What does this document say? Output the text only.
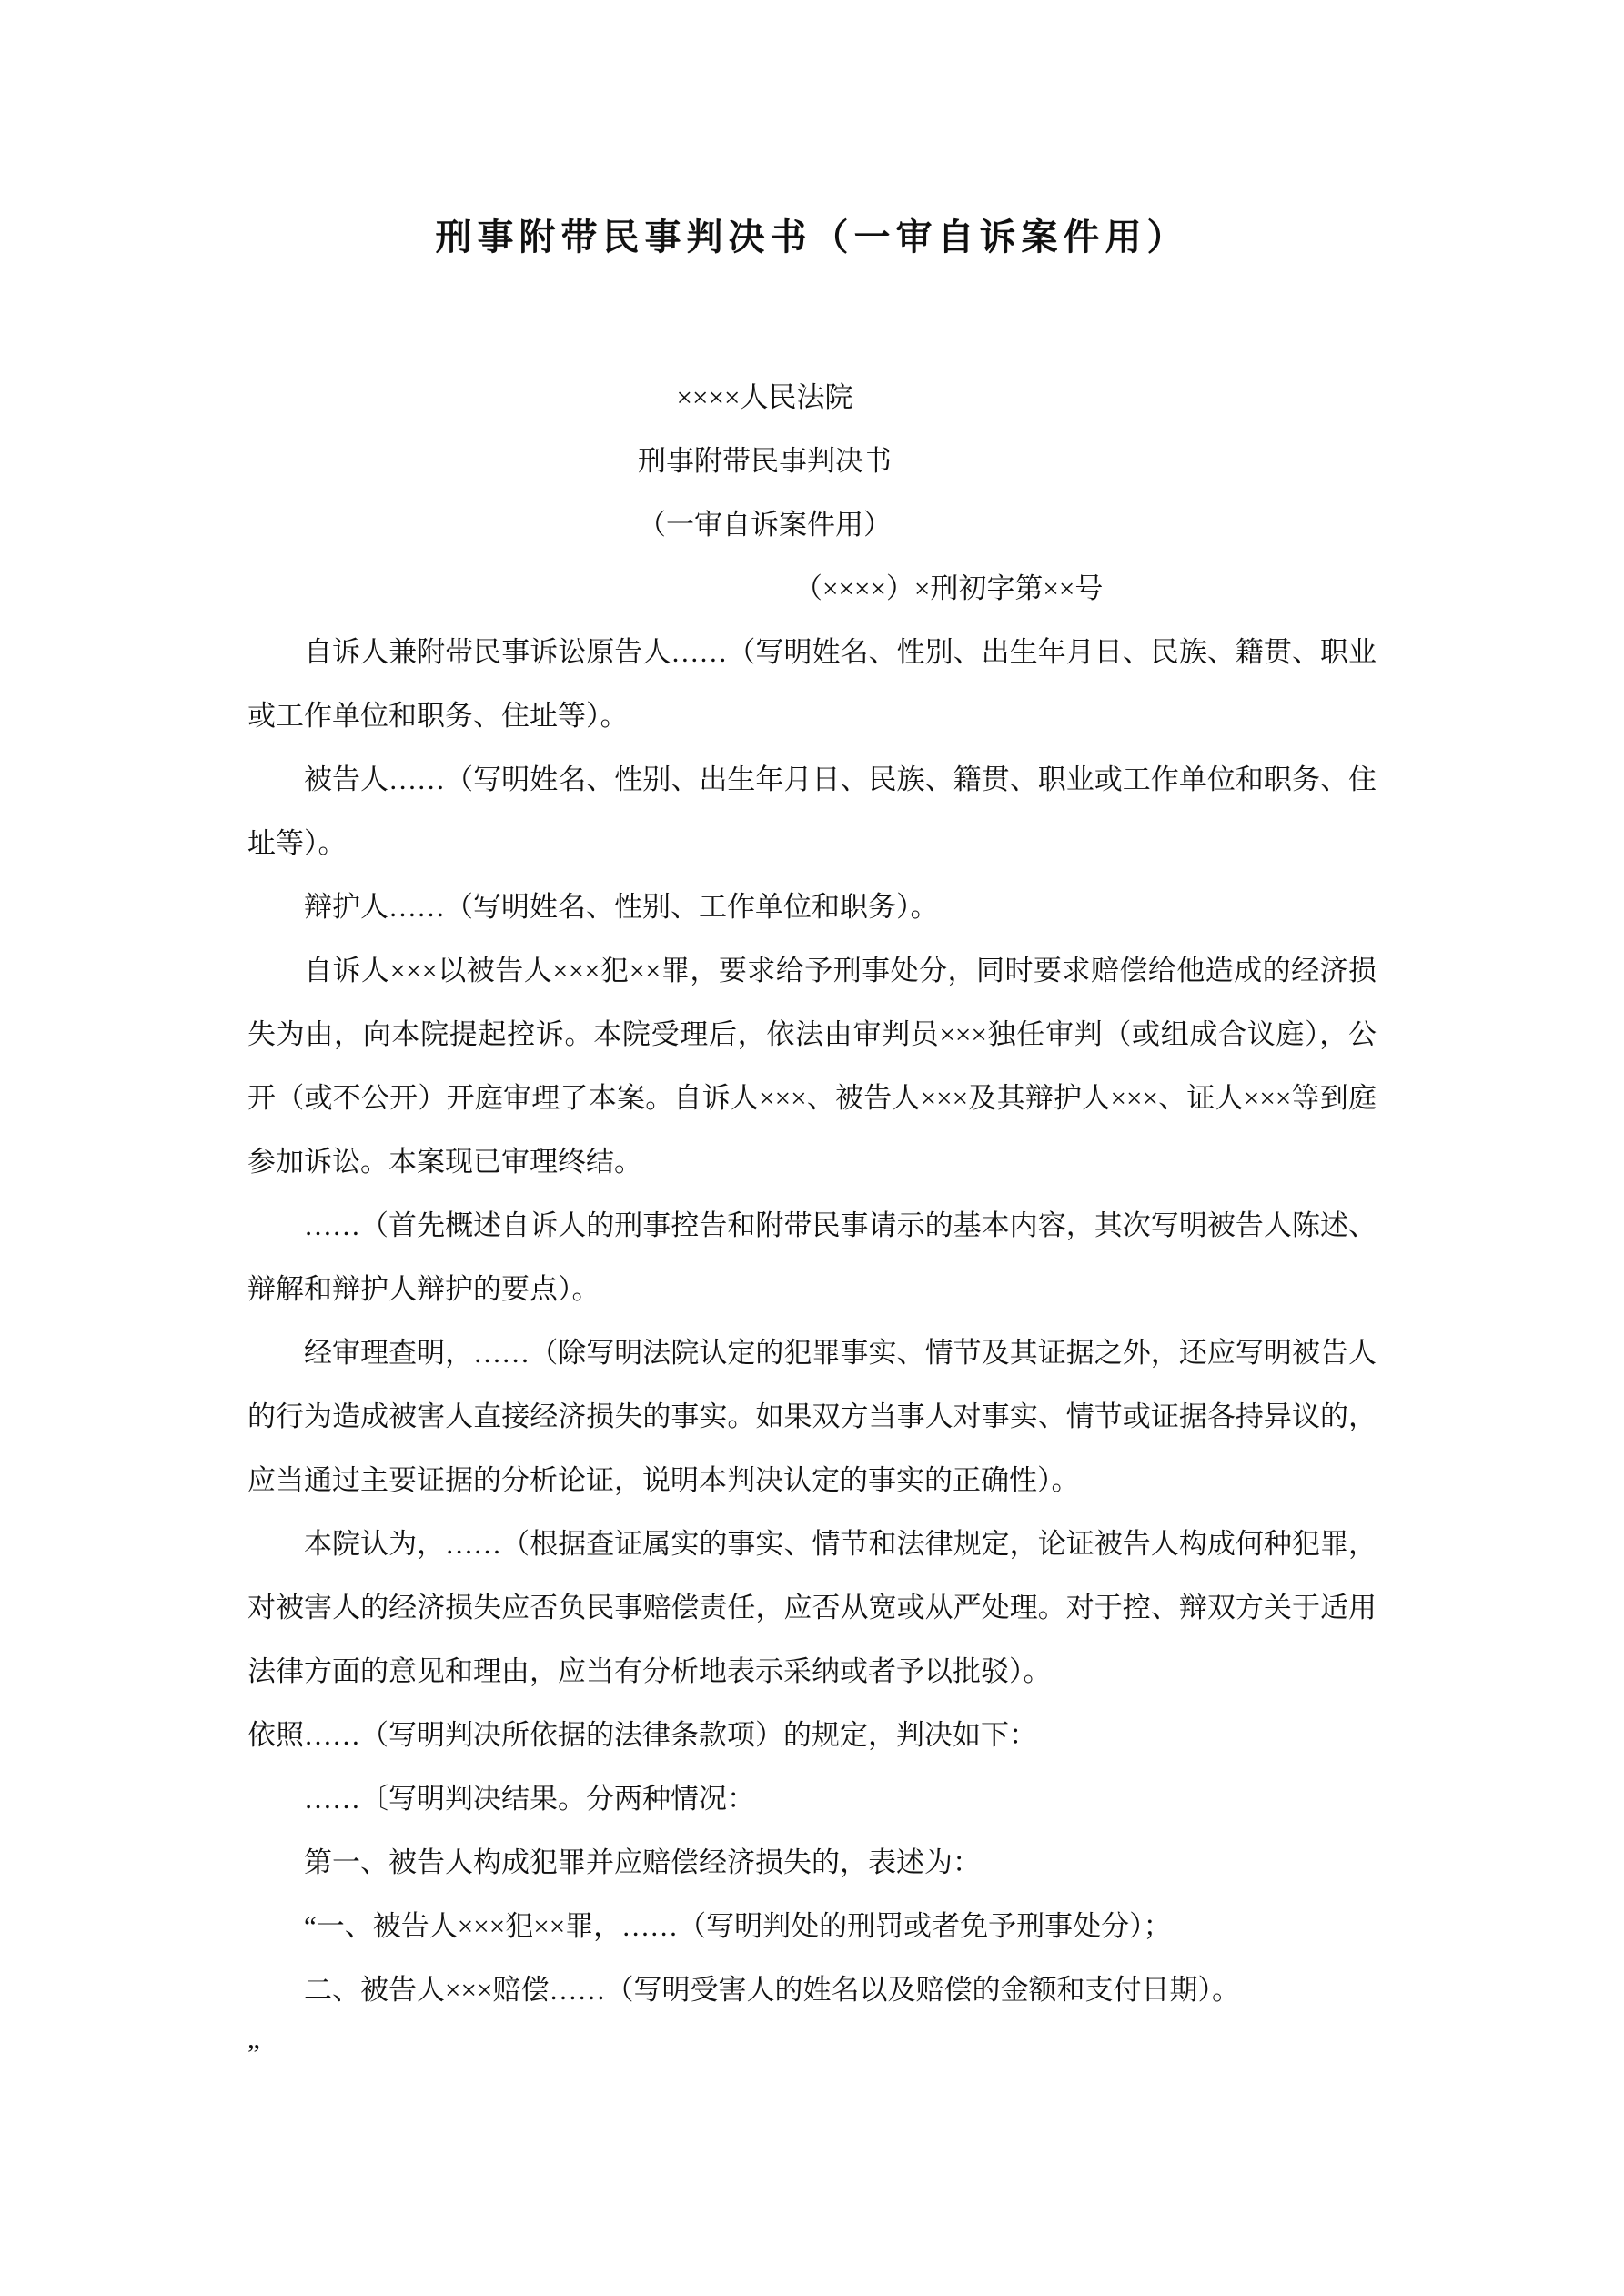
刑事附带民事判决书（一审自诉案件用）

××××人民法院

刑事附带民事判决书

（一审自诉案件用）

（××××）×刑初字第××号

自诉人兼附带民事诉讼原告人……（写明姓名、性别、出生年月日、民族、籍贯、职业或工作单位和职务、住址等）。

被告人……（写明姓名、性别、出生年月日、民族、籍贯、职业或工作单位和职务、住址等）。

辩护人……（写明姓名、性别、工作单位和职务）。

自诉人×××以被告人×××犯××罪，要求给予刑事处分，同时要求赔偿给他造成的经济损失为由，向本院提起控诉。本院受理后，依法由审判员×××独任审判（或组成合议庭），公开（或不公开）开庭审理了本案。自诉人×××、被告人×××及其辩护人×××、证人×××等到庭参加诉讼。本案现已审理终结。

……（首先概述自诉人的刑事控告和附带民事请示的基本内容，其次写明被告人陈述、辩解和辩护人辩护的要点）。

经审理查明，……（除写明法院认定的犯罪事实、情节及其证据之外，还应写明被告人的行为造成被害人直接经济损失的事实。如果双方当事人对事实、情节或证据各持异议的，应当通过主要证据的分析论证，说明本判决认定的事实的正确性）。

本院认为，……（根据查证属实的事实、情节和法律规定，论证被告人构成何种犯罪，对被害人的经济损失应否负民事赔偿责任，应否从宽或从严处理。对于控、辩双方关于适用法律方面的意见和理由，应当有分析地表示采纳或者予以批驳）。

依照……（写明判决所依据的法律条款项）的规定，判决如下：

……〔写明判决结果。分两种情况：

第一、被告人构成犯罪并应赔偿经济损失的，表述为：

“一、被告人×××犯××罪，……（写明判处的刑罚或者免予刑事处分）；

二、被告人×××赔偿……（写明受害人的姓名以及赔偿的金额和支付日期）。

”
